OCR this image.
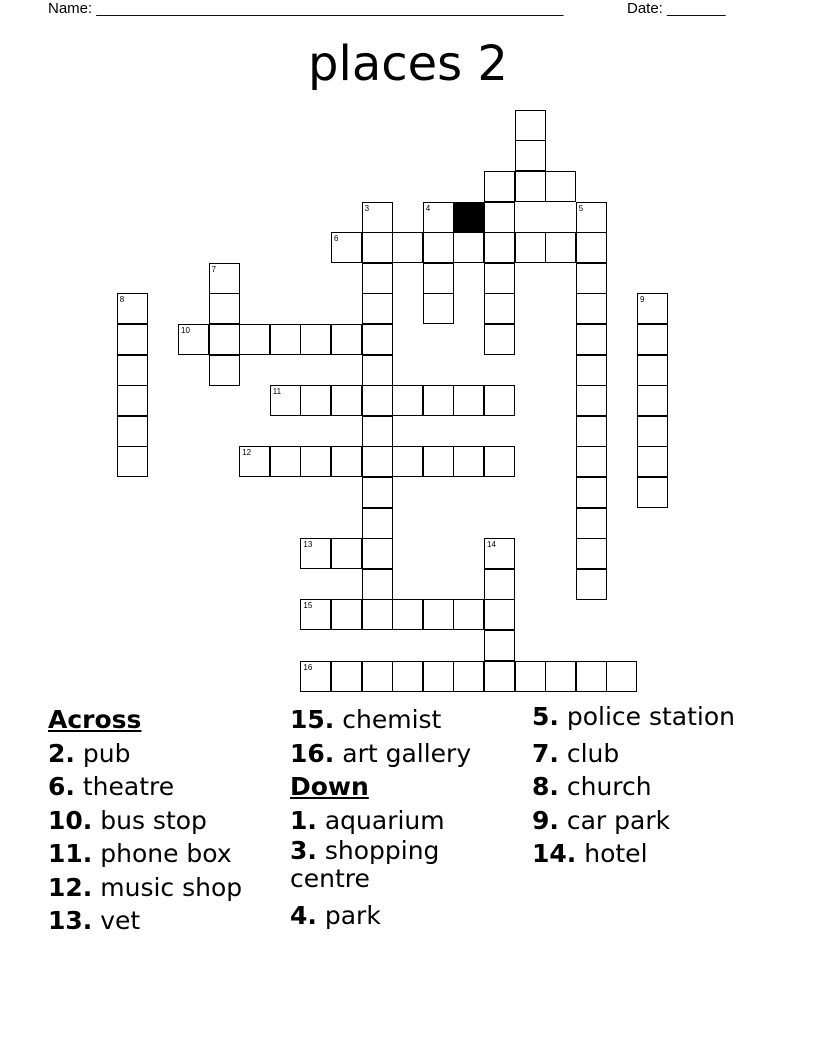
Name: ________________________________________________________	Date: _______
places 2
3	4	5
6
7
8	9
10
11
12
13	14
15
16
Across
2. pub
6. theatre
10. bus stop
11. phone box
12. music shop
13. vet
15. chemist
16. art gallery
Down
1. aquarium
3. shopping centre
4. park
5. police station
7. club
8. church
9. car park
14. hotel
